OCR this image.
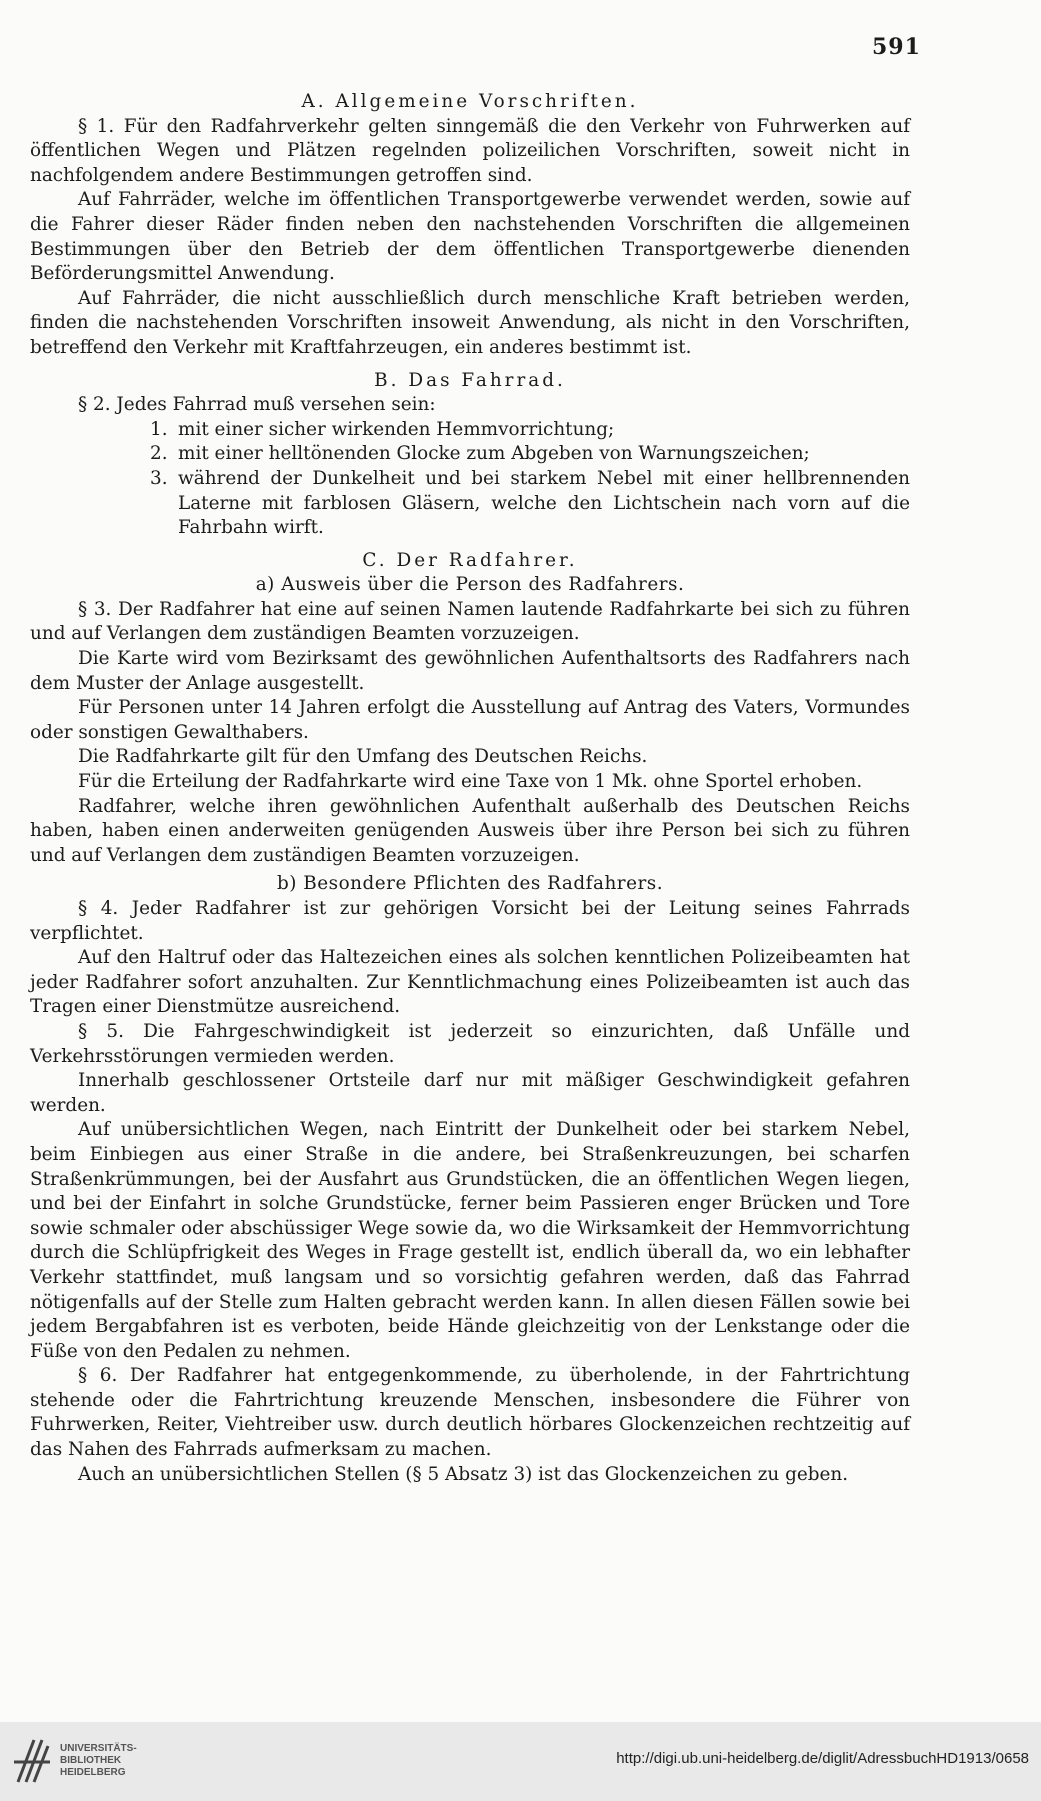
591

A. Allgemeine Vorschriften.

§ 1. Für den Radfahrverkehr gelten sinngemäß die den Verkehr von Fuhrwerken auf öffentlichen Wegen und Plätzen regelnden polizeilichen Vorschriften, soweit nicht in nachfolgendem andere Bestimmungen getroffen sind.

Auf Fahrräder, welche im öffentlichen Transportgewerbe verwendet werden, sowie auf die Fahrer dieser Räder finden neben den nachstehenden Vorschriften die allgemeinen Bestimmungen über den Betrieb der dem öffentlichen Transportgewerbe dienenden Beförderungsmittel Anwendung.

Auf Fahrräder, die nicht ausschließlich durch menschliche Kraft betrieben werden, finden die nachstehenden Vorschriften insoweit Anwendung, als nicht in den Vorschriften, betreffend den Verkehr mit Kraftfahrzeugen, ein anderes bestimmt ist.

B. Das Fahrrad.

§ 2. Jedes Fahrrad muß versehen sein:

1. mit einer sicher wirkenden Hemmvorrichtung;
2. mit einer helltönenden Glocke zum Abgeben von Warnungszeichen;
3. während der Dunkelheit und bei starkem Nebel mit einer hellbrennenden Laterne mit farblosen Gläsern, welche den Lichtschein nach vorn auf die Fahrbahn wirft.

C. Der Radfahrer.

a) Ausweis über die Person des Radfahrers.

§ 3. Der Radfahrer hat eine auf seinen Namen lautende Radfahrkarte bei sich zu führen und auf Verlangen dem zuständigen Beamten vorzuzeigen.

Die Karte wird vom Bezirksamt des gewöhnlichen Aufenthaltsorts des Radfahrers nach dem Muster der Anlage ausgestellt.

Für Personen unter 14 Jahren erfolgt die Ausstellung auf Antrag des Vaters, Vormundes oder sonstigen Gewalthabers.

Die Radfahrkarte gilt für den Umfang des Deutschen Reichs.

Für die Erteilung der Radfahrkarte wird eine Taxe von 1 Mk. ohne Sportel erhoben.

Radfahrer, welche ihren gewöhnlichen Aufenthalt außerhalb des Deutschen Reichs haben, haben einen anderweiten genügenden Ausweis über ihre Person bei sich zu führen und auf Verlangen dem zuständigen Beamten vorzuzeigen.

b) Besondere Pflichten des Radfahrers.

§ 4. Jeder Radfahrer ist zur gehörigen Vorsicht bei der Leitung seines Fahrrads verpflichtet.

Auf den Haltruf oder das Haltezeichen eines als solchen kenntlichen Polizeibeamten hat jeder Radfahrer sofort anzuhalten. Zur Kenntlichmachung eines Polizeibeamten ist auch das Tragen einer Dienstmütze ausreichend.

§ 5. Die Fahrgeschwindigkeit ist jederzeit so einzurichten, daß Unfälle und Verkehrsstörungen vermieden werden.

Innerhalb geschlossener Ortsteile darf nur mit mäßiger Geschwindigkeit gefahren werden.

Auf unübersichtlichen Wegen, nach Eintritt der Dunkelheit oder bei starkem Nebel, beim Einbiegen aus einer Straße in die andere, bei Straßenkreuzungen, bei scharfen Straßenkrümmungen, bei der Ausfahrt aus Grundstücken, die an öffentlichen Wegen liegen, und bei der Einfahrt in solche Grundstücke, ferner beim Passieren enger Brücken und Tore sowie schmaler oder abschüssiger Wege sowie da, wo die Wirksamkeit der Hemmvorrichtung durch die Schlüpfrigkeit des Weges in Frage gestellt ist, endlich überall da, wo ein lebhafter Verkehr stattfindet, muß langsam und so vorsichtig gefahren werden, daß das Fahrrad nötigenfalls auf der Stelle zum Halten gebracht werden kann. In allen diesen Fällen sowie bei jedem Bergabfahren ist es verboten, beide Hände gleichzeitig von der Lenkstange oder die Füße von den Pedalen zu nehmen.

§ 6. Der Radfahrer hat entgegenkommende, zu überholende, in der Fahrtrichtung stehende oder die Fahrtrichtung kreuzende Menschen, insbesondere die Führer von Fuhrwerken, Reiter, Viehtreiber usw. durch deutlich hörbares Glockenzeichen rechtzeitig auf das Nahen des Fahrrads aufmerksam zu machen.

Auch an unübersichtlichen Stellen (§ 5 Absatz 3) ist das Glockenzeichen zu geben.

UNIVERSITÄTS-
BIBLIOTHEK
HEIDELBERG
http://digi.ub.uni-heidelberg.de/diglit/AdressbuchHD1913/0658
